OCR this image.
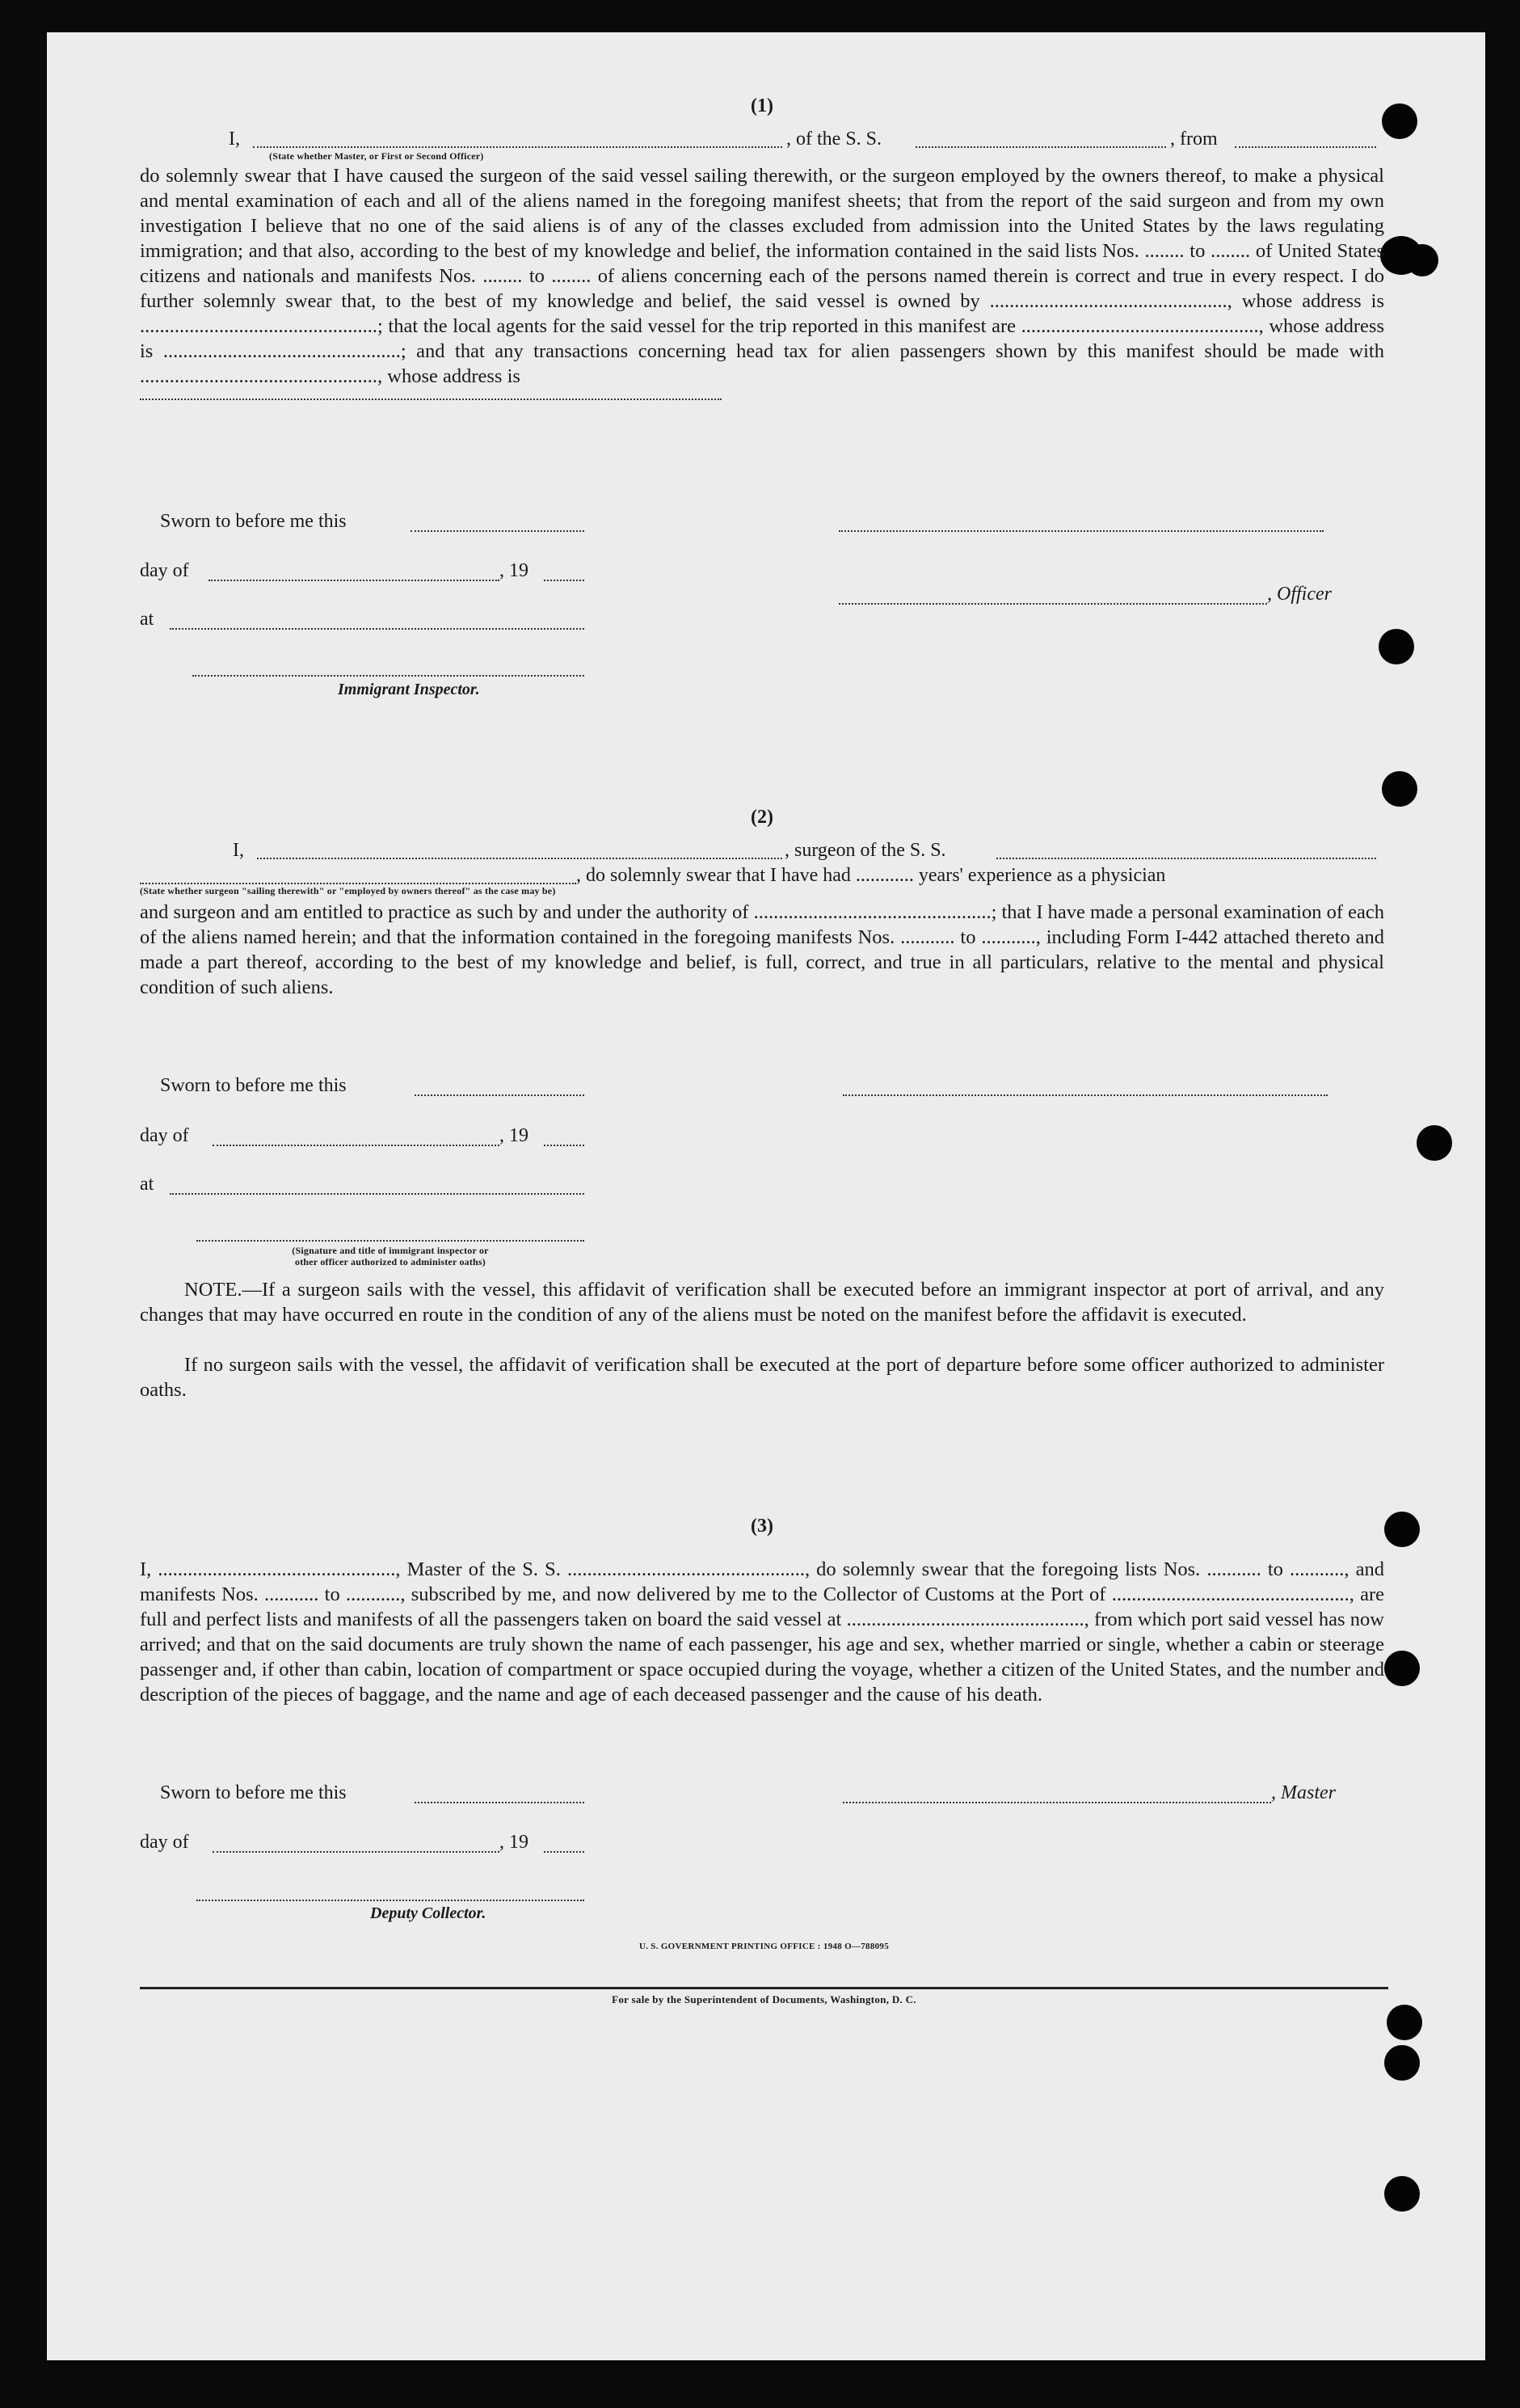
(1)
I,	, of the S. S.	, from
(State whether Master, or First or Second Officer)
do solemnly swear that I have caused the surgeon of the said vessel sailing therewith, or the surgeon employed by the owners thereof, to make a physical and mental examination of each and all of the aliens named in the foregoing manifest sheets; that from the report of the said surgeon and from my own investigation I believe that no one of the said aliens is of any of the classes excluded from admission into the United States by the laws regulating immigration; and that also, according to the best of my knowledge and belief, the information contained in the said lists Nos. ........ to ........ of United States citizens and nationals and manifests Nos. ........ to ........ of aliens concerning each of the persons named therein is correct and true in every respect. I do further solemnly swear that, to the best of my knowledge and belief, the said vessel is owned by ................................................, whose address is ................................................; that the local agents for the said vessel for the trip reported in this manifest are ................................................, whose address is ................................................; and that any transactions concerning head tax for alien passengers shown by this manifest should be made with ................................................, whose address is
Sworn to before me this
day of	, 19
, Officer
at
Immigrant Inspector.
(2)
I,	, surgeon of the S. S.
, do solemnly swear that I have had ............ years' experience as a physician
(State whether surgeon "sailing therewith" or "employed by owners thereof" as the case may be)
and surgeon and am entitled to practice as such by and under the authority of ................................................; that I have made a personal examination of each of the aliens named herein; and that the information contained in the foregoing manifests Nos. ........... to ..........., including Form I-442 attached thereto and made a part thereof, according to the best of my knowledge and belief, is full, correct, and true in all particulars, relative to the mental and physical condition of such aliens.
Sworn to before me this
day of	, 19
at
(Signature and title of immigrant inspector or
other officer authorized to administer oaths)
NOTE.—If a surgeon sails with the vessel, this affidavit of verification shall be executed before an immigrant inspector at port of arrival, and any changes that may have occurred en route in the condition of any of the aliens must be noted on the manifest before the affidavit is executed.
If no surgeon sails with the vessel, the affidavit of verification shall be executed at the port of departure before some officer authorized to administer oaths.
(3)
I, ................................................, Master of the S. S. ................................................, do solemnly swear that the foregoing lists Nos. ........... to ..........., and manifests Nos. ........... to ..........., subscribed by me, and now delivered by me to the Collector of Customs at the Port of ................................................, are full and perfect lists and manifests of all the passengers taken on board the said vessel at ................................................, from which port said vessel has now arrived; and that on the said documents are truly shown the name of each passenger, his age and sex, whether married or single, whether a cabin or steerage passenger and, if other than cabin, location of compartment or space occupied during the voyage, whether a citizen of the United States, and the number and description of the pieces of baggage, and the name and age of each deceased passenger and the cause of his death.
Sworn to before me this	, Master
day of	, 19
Deputy Collector.
U. S. GOVERNMENT PRINTING OFFICE : 1948 O—788095
For sale by the Superintendent of Documents, Washington, D. C.
